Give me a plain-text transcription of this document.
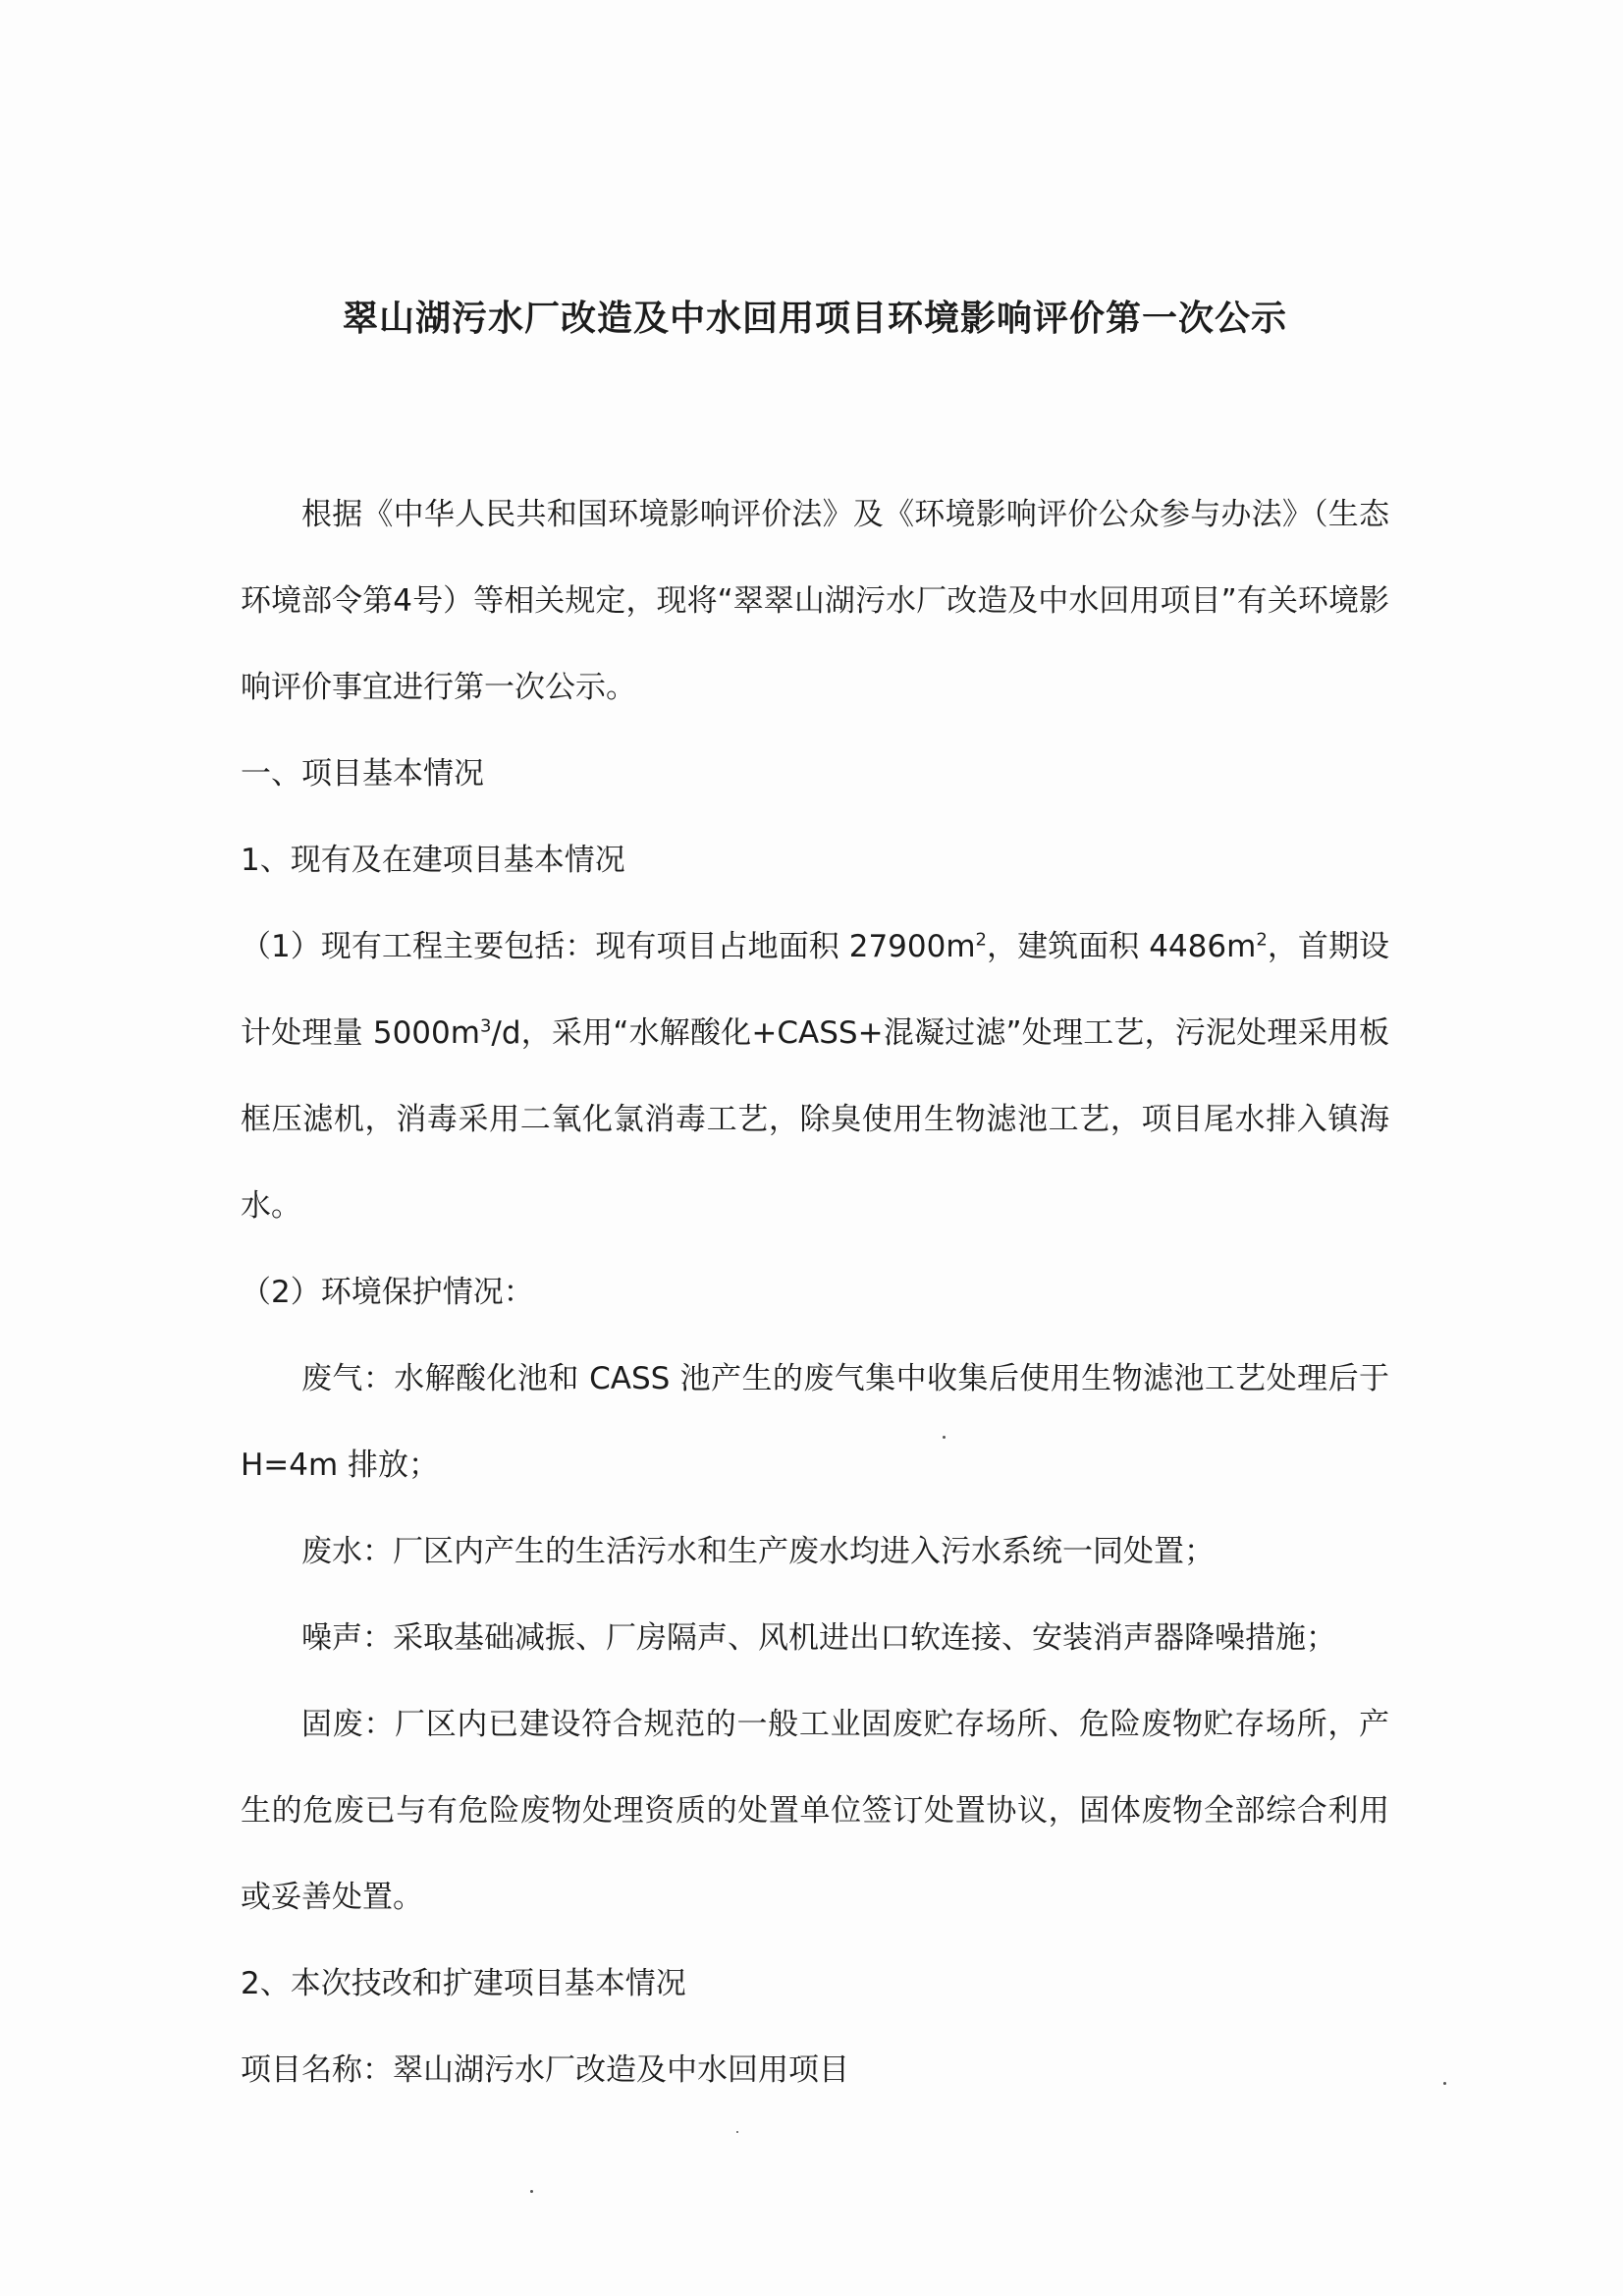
翠山湖污水厂改造及中水回用项目环境影响评价第一次公示

根据《中华人民共和国环境影响评价法》及《环境影响评价公众参与办法》（生态环境部令第4号）等相关规定，现将“翠翠山湖污水厂改造及中水回用项目”有关环境影响评价事宜进行第一次公示。

一、项目基本情况

1、现有及在建项目基本情况

（1）现有工程主要包括：现有项目占地面积 $27900m^2$，建筑面积 $4486m^2$，首期设计处理量 $5000m^3/d$，采用“水解酸化+CASS+混凝过滤”处理工艺，污泥处理采用板框压滤机，消毒采用二氧化氯消毒工艺，除臭使用生物滤池工艺，项目尾水排入镇海水。

（2）环境保护情况：

废气：水解酸化池和 CASS 池产生的废气集中收集后使用生物滤池工艺处理后于 H=4m 排放；

废水：厂区内产生的生活污水和生产废水均进入污水系统一同处置；

噪声：采取基础减振、厂房隔声、风机进出口软连接、安装消声器降噪措施；

固废：厂区内已建设符合规范的一般工业固废贮存场所、危险废物贮存场所，产生的危废已与有危险废物处理资质的处置单位签订处置协议，固体废物全部综合利用或妥善处置。

2、本次技改和扩建项目基本情况

项目名称：翠山湖污水厂改造及中水回用项目
